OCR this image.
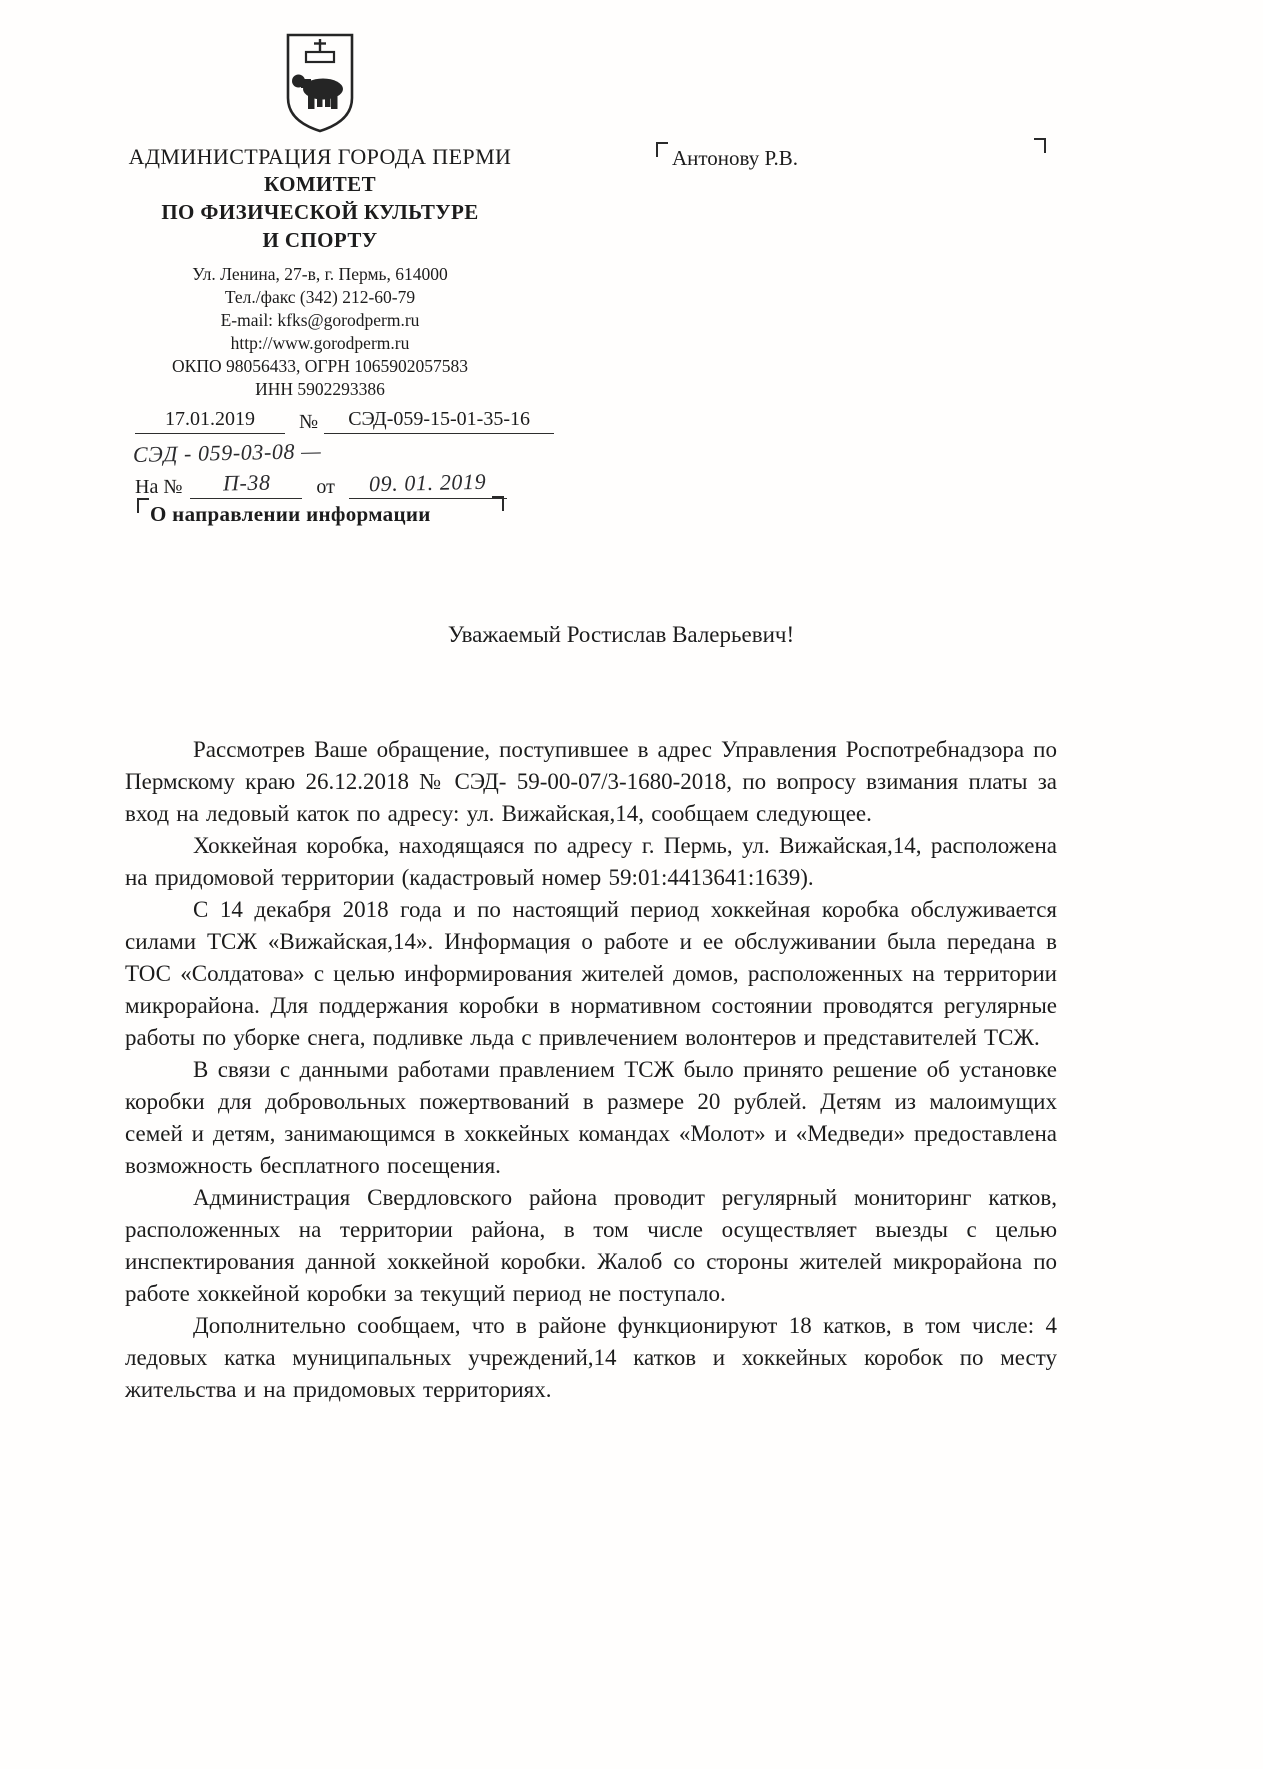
АДМИНИСТРАЦИЯ ГОРОДА ПЕРМИ
КОМИТЕТ
ПО ФИЗИЧЕСКОЙ КУЛЬТУРЕ
И СПОРТУ
Ул. Ленина, 27-в, г. Пермь, 614000
Тел./факс (342) 212-60-79
E-mail: kfks@gorodperm.ru
http://www.gorodperm.ru
ОКПО 98056433, ОГРН 1065902057583
ИНН 5902293386
Антонову Р.В.
17.01.2019 № СЭД-059-15-01-35-16
СЭД - 059-03-08 —
На № П-38 от 09. 01. 2019
О направлении информации
Уважаемый Ростислав Валерьевич!

Рассмотрев Ваше обращение, поступившее в адрес Управления Роспотребнадзора по Пермскому краю 26.12.2018 № СЭД- 59-00-07/3-1680-2018, по вопросу взимания платы за вход на ледовый каток по адресу: ул. Вижайская,14, сообщаем следующее.

Хоккейная коробка, находящаяся по адресу г. Пермь, ул. Вижайская,14, расположена на придомовой территории (кадастровый номер 59:01:4413641:1639).

С 14 декабря 2018 года и по настоящий период хоккейная коробка обслуживается силами ТСЖ «Вижайская,14». Информация о работе и ее обслуживании была передана в ТОС «Солдатова» с целью информирования жителей домов, расположенных на территории микрорайона. Для поддержания коробки в нормативном состоянии проводятся регулярные работы по уборке снега, подливке льда с привлечением волонтеров и представителей ТСЖ.

В связи с данными работами правлением ТСЖ было принято решение об установке коробки для добровольных пожертвований в размере 20 рублей. Детям из малоимущих семей и детям, занимающимся в хоккейных командах «Молот» и «Медведи» предоставлена возможность бесплатного посещения.

Администрация Свердловского района проводит регулярный мониторинг катков, расположенных на территории района, в том числе осуществляет выезды с целью инспектирования данной хоккейной коробки. Жалоб со стороны жителей микрорайона по работе хоккейной коробки за текущий период не поступало.

Дополнительно сообщаем, что в районе функционируют 18 катков, в том числе: 4 ледовых катка муниципальных учреждений,14 катков и хоккейных коробок по месту жительства и на придомовых территориях.
